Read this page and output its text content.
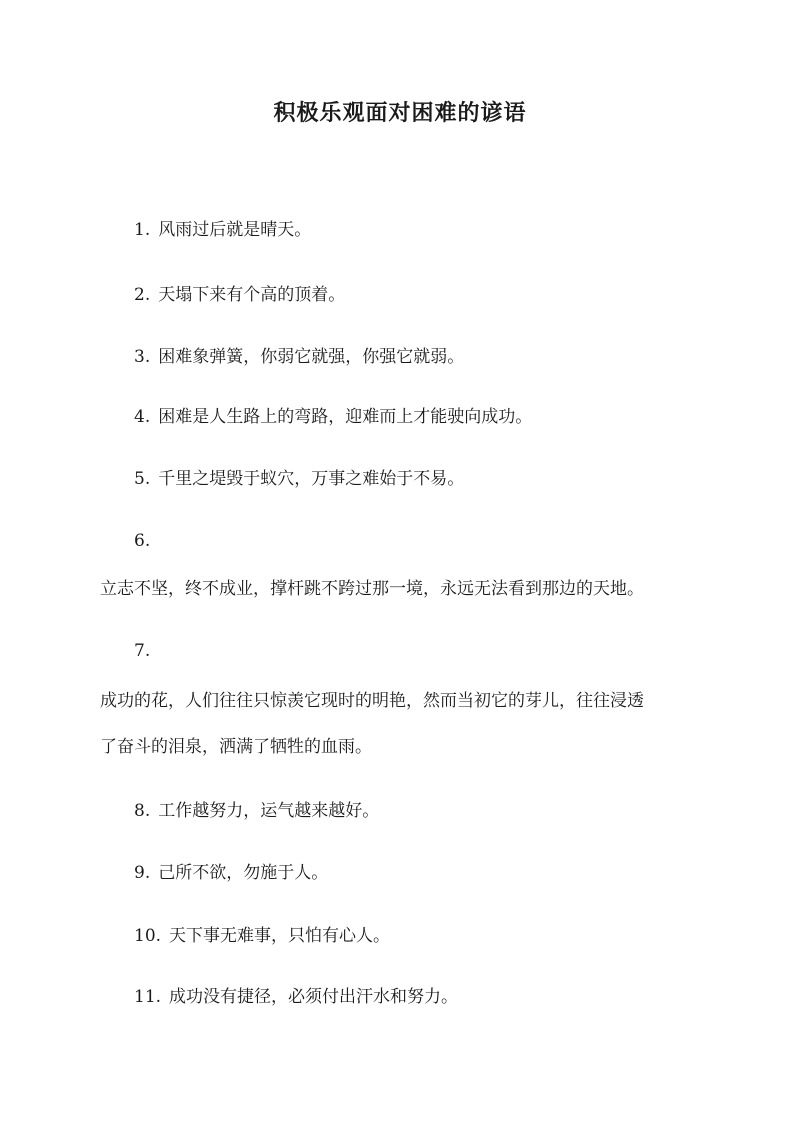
积极乐观面对困难的谚语
1. 风雨过后就是晴天。
2. 天塌下来有个高的顶着。
3. 困难象弹簧，你弱它就强，你强它就弱。
4. 困难是人生路上的弯路，迎难而上才能驶向成功。
5. 千里之堤毁于蚁穴，万事之难始于不易。
6.
立志不坚，终不成业，撑杆跳不跨过那一境，永远无法看到那边的天地。
7.
成功的花，人们往往只惊羡它现时的明艳，然而当初它的芽儿，往往浸透
了奋斗的泪泉，洒满了牺牲的血雨。
8. 工作越努力，运气越来越好。
9. 己所不欲，勿施于人。
10. 天下事无难事，只怕有心人。
11. 成功没有捷径，必须付出汗水和努力。
